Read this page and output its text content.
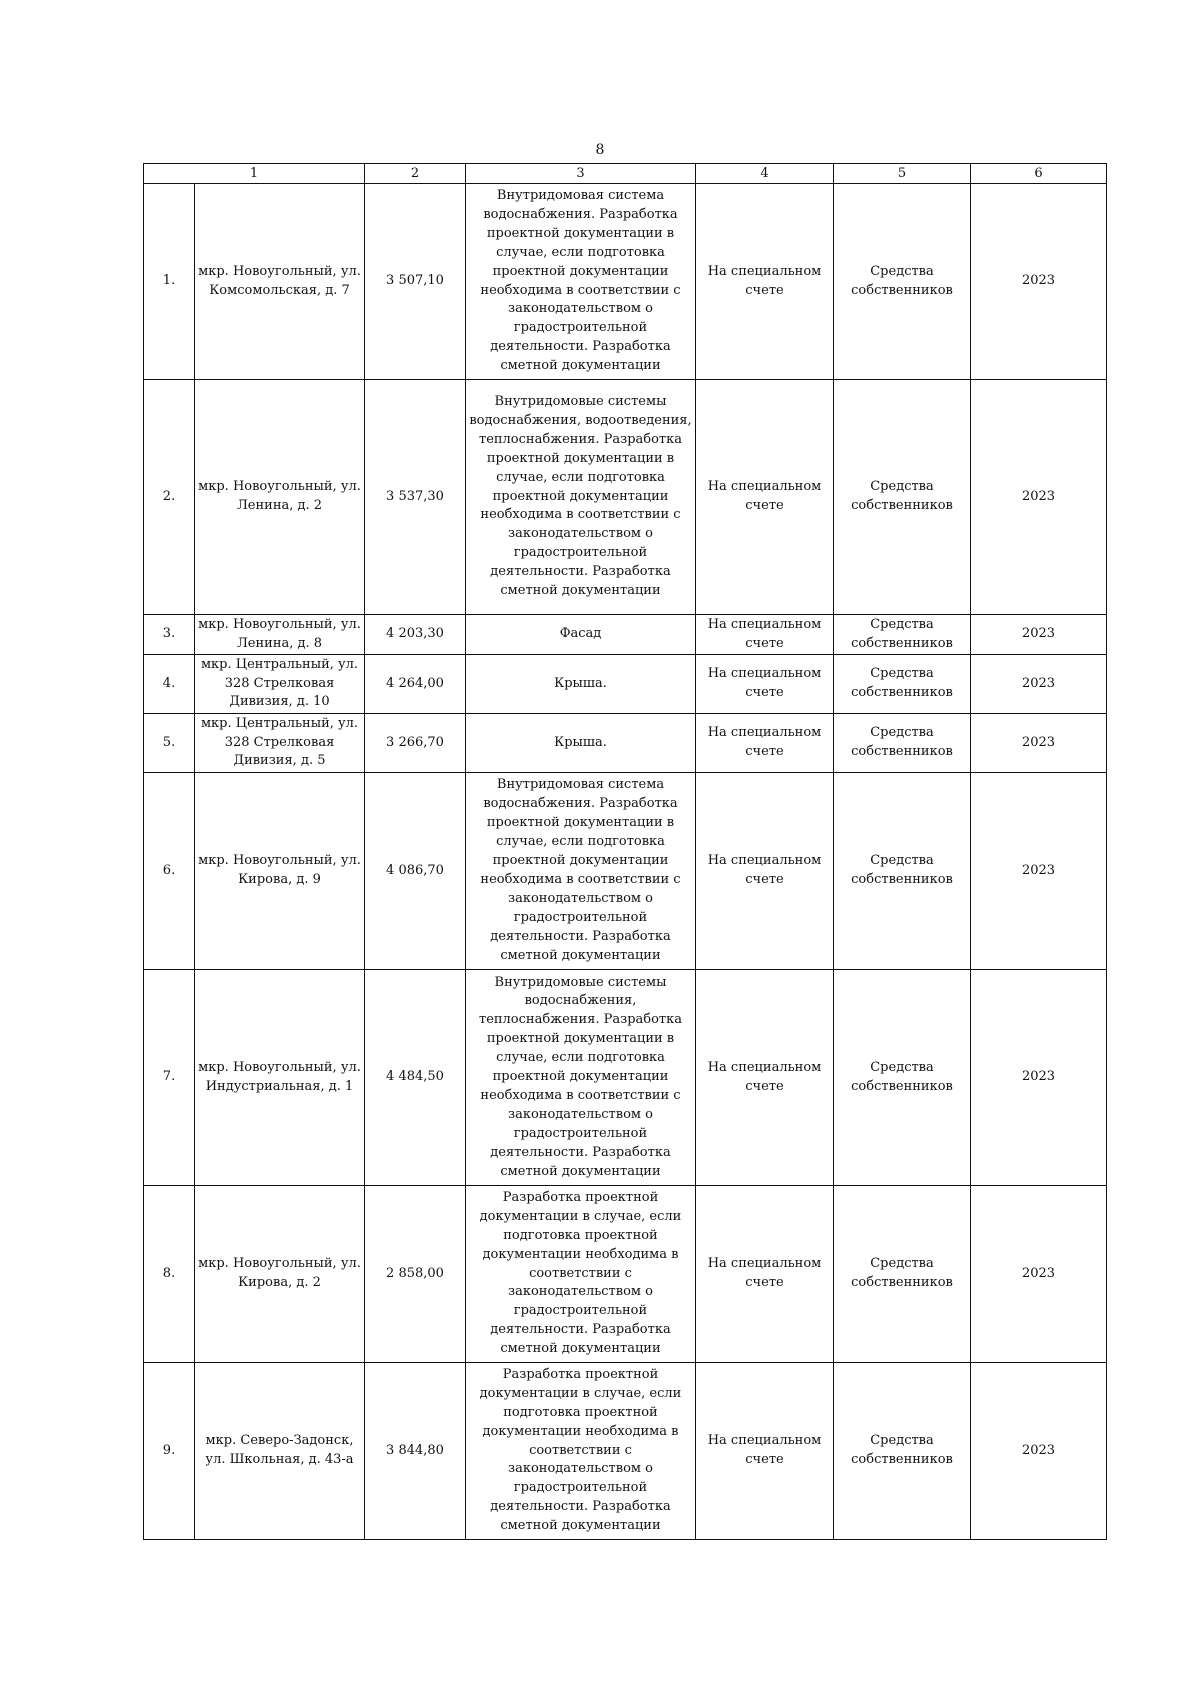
8
1		2	3	4	5	6
1.	мкр. Новоугольный, ул. Комсомольская, д. 7	3 507,10	Внутридомовая система водоснабжения. Разработка проектной документации в случае, если подготовка проектной документации необходима в соответствии с законодательством о градостроительной деятельности. Разработка сметной документации	На специальном счете	Средства собственников	2023
2.	мкр. Новоугольный, ул. Ленина, д. 2	3 537,30	Внутридомовые системы водоснабжения, водоотведения, теплоснабжения. Разработка проектной документации в случае, если подготовка проектной документации необходима в соответствии с законодательством о градостроительной деятельности. Разработка сметной документации	На специальном счете	Средства собственников	2023
3.	мкр. Новоугольный, ул. Ленина, д. 8	4 203,30	Фасад	На специальном счете	Средства собственников	2023
4.	мкр. Центральный, ул. 328 Стрелковая Дивизия, д. 10	4 264,00	Крыша.	На специальном счете	Средства собственников	2023
5.	мкр. Центральный, ул. 328 Стрелковая Дивизия, д. 5	3 266,70	Крыша.	На специальном счете	Средства собственников	2023
6.	мкр. Новоугольный, ул. Кирова, д. 9	4 086,70	Внутридомовая система водоснабжения. Разработка проектной документации в случае, если подготовка проектной документации необходима в соответствии с законодательством о градостроительной деятельности. Разработка сметной документации	На специальном счете	Средства собственников	2023
7.	мкр. Новоугольный, ул. Индустриальная, д. 1	4 484,50	Внутридомовые системы водоснабжения, теплоснабжения. Разработка проектной документации в случае, если подготовка проектной документации необходима в соответствии с законодательством о градостроительной деятельности. Разработка сметной документации	На специальном счете	Средства собственников	2023
8.	мкр. Новоугольный, ул. Кирова, д. 2	2 858,00	Разработка проектной документации в случае, если подготовка проектной документации необходима в соответствии с законодательством о градостроительной деятельности. Разработка сметной документации	На специальном счете	Средства собственников	2023
9.	мкр. Северо-Задонск, ул. Школьная, д. 43-а	3 844,80	Разработка проектной документации в случае, если подготовка проектной документации необходима в соответствии с законодательством о градостроительной деятельности. Разработка сметной документации	На специальном счете	Средства собственников	2023
